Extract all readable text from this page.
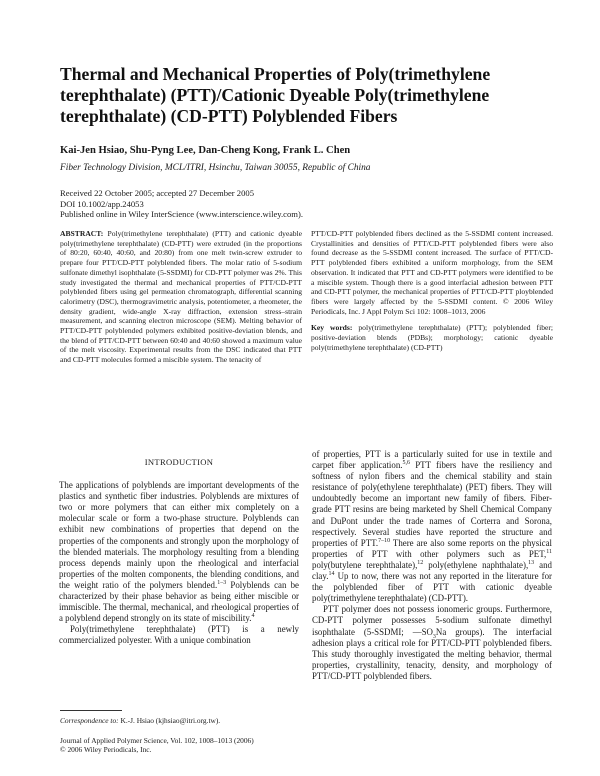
Thermal and Mechanical Properties of Poly(trimethylene
terephthalate) (PTT)/Cationic Dyeable Poly(trimethylene
terephthalate) (CD-PTT) Polyblended Fibers

Kai-Jen Hsiao, Shu-Pyng Lee, Dan-Cheng Kong, Frank L. Chen

Fiber Technology Division, MCL/ITRI, Hsinchu, Taiwan 30055, Republic of China

Received 22 October 2005; accepted 27 December 2005
DOI 10.1002/app.24053
Published online in Wiley InterScience (www.interscience.wiley.com).

ABSTRACT: Poly(trimethylene terephthalate) (PTT) and cationic dyeable poly(trimethylene terephthalate) (CD-PTT) were extruded (in the proportions of 80:20, 60:40, 40:60, and 20:80) from one melt twin-screw extruder to prepare four PTT/CD-PTT polyblended fibers. The molar ratio of 5-sodium sulfonate dimethyl isophthalate (5-SSDMI) for CD-PTT polymer was 2%. This study investigated the thermal and mechanical properties of PTT/CD-PTT polyblended fibers using gel permeation chromatograph, differential scanning calorimetry (DSC), thermogravimetric analysis, potentiometer, a rheometer, the density gradient, wide-angle X-ray diffraction, extension stress–strain measurement, and scanning electron microscope (SEM). Melting behavior of PTT/CD-PTT polyblended polymers exhibited positive-deviation blends, and the blend of PTT/CD-PTT between 60:40 and 40:60 showed a maximum value of the melt viscosity. Experimental results from the DSC indicated that PTT and CD-PTT molecules formed a miscible system. The tenacity of

PTT/CD-PTT polyblended fibers declined as the 5-SSDMI content increased. Crystallinities and densities of PTT/CD-PTT polyblended fibers were also found decrease as the 5-SSDMI content increased. The surface of PTT/CD-PTT polyblended fibers exhibited a uniform morphology, from the SEM observation. It indicated that PTT and CD-PTT polymers were identified to be a miscible system. Though there is a good interfacial adhesion between PTT and CD-PTT polymer, the mechanical properties of PTT/CD-PTT ployblended fibers were largely affected by the 5-SSDMI content. © 2006 Wiley Periodicals, Inc. J Appl Polym Sci 102: 1008–1013, 2006

Key words: poly(trimethylene terephthalate) (PTT); polyblended fiber; positive-deviation blends (PDBs); morphology; cationic dyeable poly(trimethylene terephthalate) (CD-PTT)

INTRODUCTION

The applications of polyblends are important developments of the plastics and synthetic fiber industries. Polyblends are mixtures of two or more polymers that can either mix completely on a molecular scale or form a two-phase structure. Polyblends can exhibit new combinations of properties that depend on the properties of the components and strongly upon the morphology of the blended materials. The morphology resulting from a blending process depends mainly upon the rheological and interfacial properties of the molten components, the blending conditions, and the weight ratio of the polymers blended.$^{1-3}$ Polyblends can be characterized by their phase behavior as being either miscible or immiscible. The thermal, mechanical, and rheological properties of a polyblend depend strongly on its state of miscibility.$^4$

Poly(trimethylene terephthalate) (PTT) is a newly commercialized polyester. With a unique combination

of properties, PTT is a particularly suited for use in textile and carpet fiber application.$^{5,6}$ PTT fibers have the resiliency and softness of nylon fibers and the chemical stability and stain resistance of poly(ethylene terephthalate) (PET) fibers. They will undoubtedly become an important new family of fibers. Fiber-grade PTT resins are being marketed by Shell Chemical Company and DuPont under the trade names of Corterra and Sorona, respectively. Several studies have reported the structure and properties of PTT.$^{7-10}$ There are also some reports on the physical properties of PTT with other polymers such as PET,$^{11}$ poly(butylene terephthalate),$^{12}$ poly(ethylene naphthalate),$^{13}$ and clay.$^{14}$ Up to now, there was not any reported in the literature for the polyblended fiber of PTT with cationic dyeable poly(trimethylene terephthalate) (CD-PTT).

PTT polymer does not possess ionomeric groups. Furthermore, CD-PTT polymer possesses 5-sodium sulfonate dimethyl isophthalate (5-SSDMI; $—SO_3Na$ groups). The interfacial adhesion plays a critical role for PTT/CD-PTT polyblended fibers. This study thoroughly investigated the melting behavior, thermal properties, crystallinity, tenacity, density, and morphology of PTT/CD-PTT polyblended fibers.

Correspondence to: K.-J. Hsiao (kjhsiao@itri.org.tw).
Journal of Applied Polymer Science, Vol. 102, 1008–1013 (2006)
© 2006 Wiley Periodicals, Inc.
